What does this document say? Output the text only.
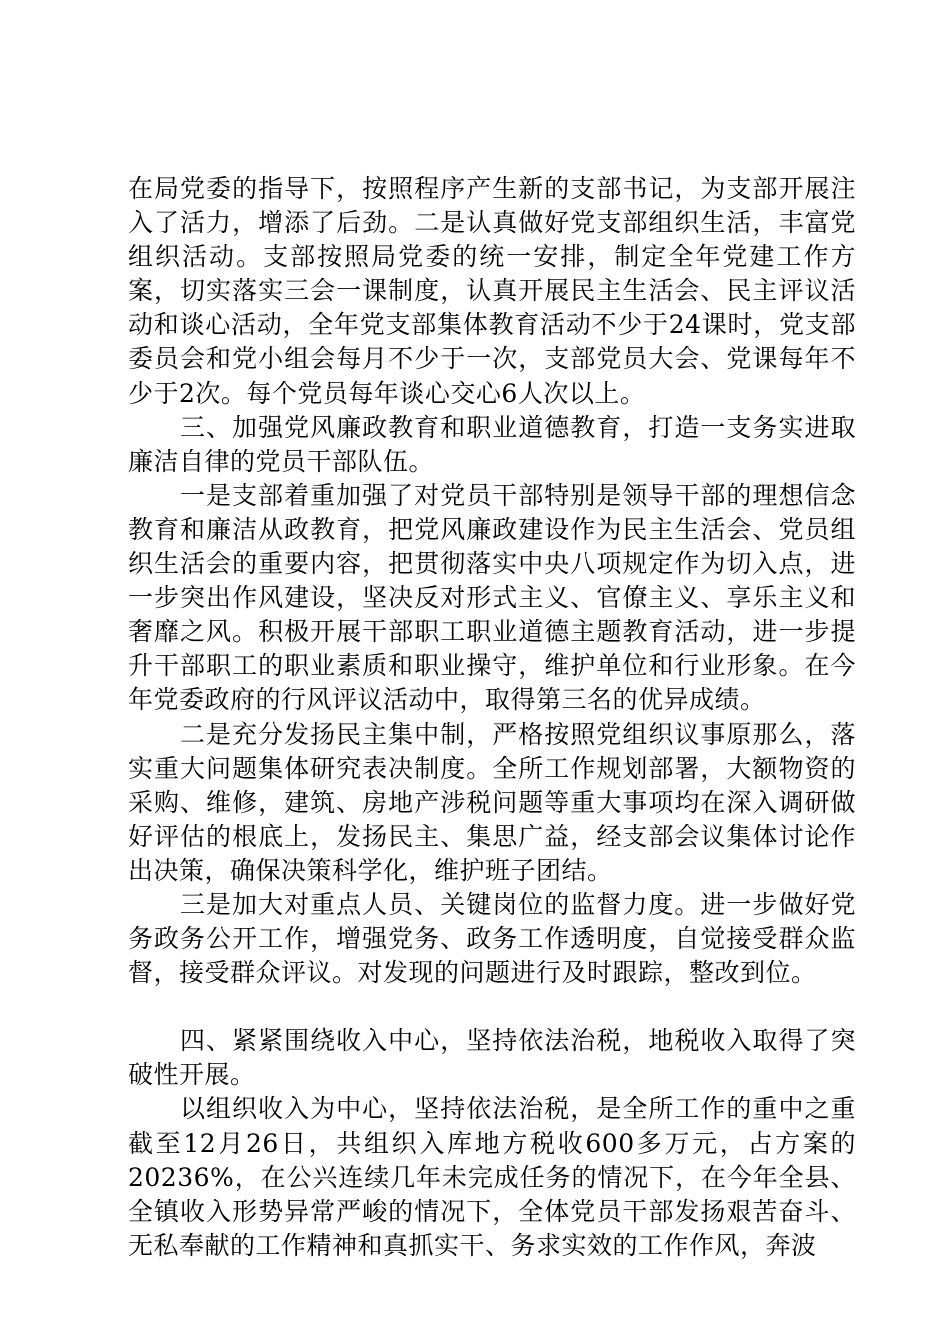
在局党委的指导下，按照程序产生新的支部书记，为支部开展注入了活力，增添了后劲。二是认真做好党支部组织生活，丰富党组织活动。支部按照局党委的统一安排，制定全年党建工作方案，切实落实三会一课制度，认真开展民主生活会、民主评议活动和谈心活动，全年党支部集体教育活动不少于24课时，党支部委员会和党小组会每月不少于一次，支部党员大会、党课每年不少于2次。每个党员每年谈心交心6人次以上。

三、加强党风廉政教育和职业道德教育，打造一支务实进取廉洁自律的党员干部队伍。

一是支部着重加强了对党员干部特别是领导干部的理想信念教育和廉洁从政教育，把党风廉政建设作为民主生活会、党员组织生活会的重要内容，把贯彻落实中央八项规定作为切入点，进一步突出作风建设，坚决反对形式主义、官僚主义、享乐主义和奢靡之风。积极开展干部职工职业道德主题教育活动，进一步提升干部职工的职业素质和职业操守，维护单位和行业形象。在今年党委政府的行风评议活动中，取得第三名的优异成绩。

二是充分发扬民主集中制，严格按照党组织议事原那么，落实重大问题集体研究表决制度。全所工作规划部署，大额物资的采购、维修，建筑、房地产涉税问题等重大事项均在深入调研做好评估的根底上，发扬民主、集思广益，经支部会议集体讨论作出决策，确保决策科学化，维护班子团结。

三是加大对重点人员、关键岗位的监督力度。进一步做好党务政务公开工作，增强党务、政务工作透明度，自觉接受群众监督，接受群众评议。对发现的问题进行及时跟踪，整改到位。

四、紧紧围绕收入中心，坚持依法治税，地税收入取得了突破性开展。

以组织收入为中心，坚持依法治税，是全所工作的重中之重截至12月26日，共组织入库地方税收600多万元，占方案的20236%，在公兴连续几年未完成任务的情况下，在今年全县、全镇收入形势异常严峻的情况下，全体党员干部发扬艰苦奋斗、无私奉献的工作精神和真抓实干、务求实效的工作作风，奔波
